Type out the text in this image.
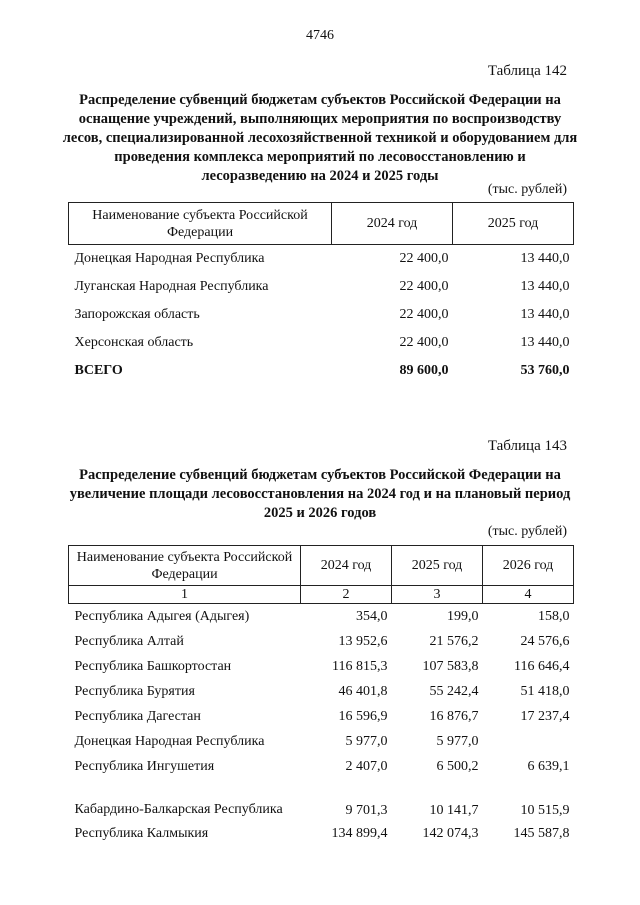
4746
Таблица 142
Распределение субвенций бюджетам субъектов Российской Федерации на оснащение учреждений, выполняющих мероприятия по воспроизводству лесов, специализированной лесохозяйственной техникой и оборудованием для проведения комплекса мероприятий по лесовосстановлению и лесоразведению на 2024 и 2025 годы
(тыс. рублей)
Наименование субъекта Российской Федерации	2024 год	2025 год
Донецкая Народная Республика	22 400,0	13 440,0
Луганская Народная Республика	22 400,0	13 440,0
Запорожская область	22 400,0	13 440,0
Херсонская область	22 400,0	13 440,0
ВСЕГО	89 600,0	53 760,0
Таблица 143
Распределение субвенций бюджетам субъектов Российской Федерации на увеличение площади лесовосстановления на 2024 год и на плановый период 2025 и 2026 годов
(тыс. рублей)
Наименование субъекта Российской Федерации	2024 год	2025 год	2026 год
1	2	3	4
Республика Адыгея (Адыгея)	354,0	199,0	158,0
Республика Алтай	13 952,6	21 576,2	24 576,6
Республика Башкортостан	116 815,3	107 583,8	116 646,4
Республика Бурятия	46 401,8	55 242,4	51 418,0
Республика Дагестан	16 596,9	16 876,7	17 237,4
Донецкая Народная Республика	5 977,0	5 977,0	
Республика Ингушетия	2 407,0	6 500,2	6 639,1
Кабардино-Балкарская Республика	9 701,3	10 141,7	10 515,9
Республика Калмыкия	134 899,4	142 074,3	145 587,8
